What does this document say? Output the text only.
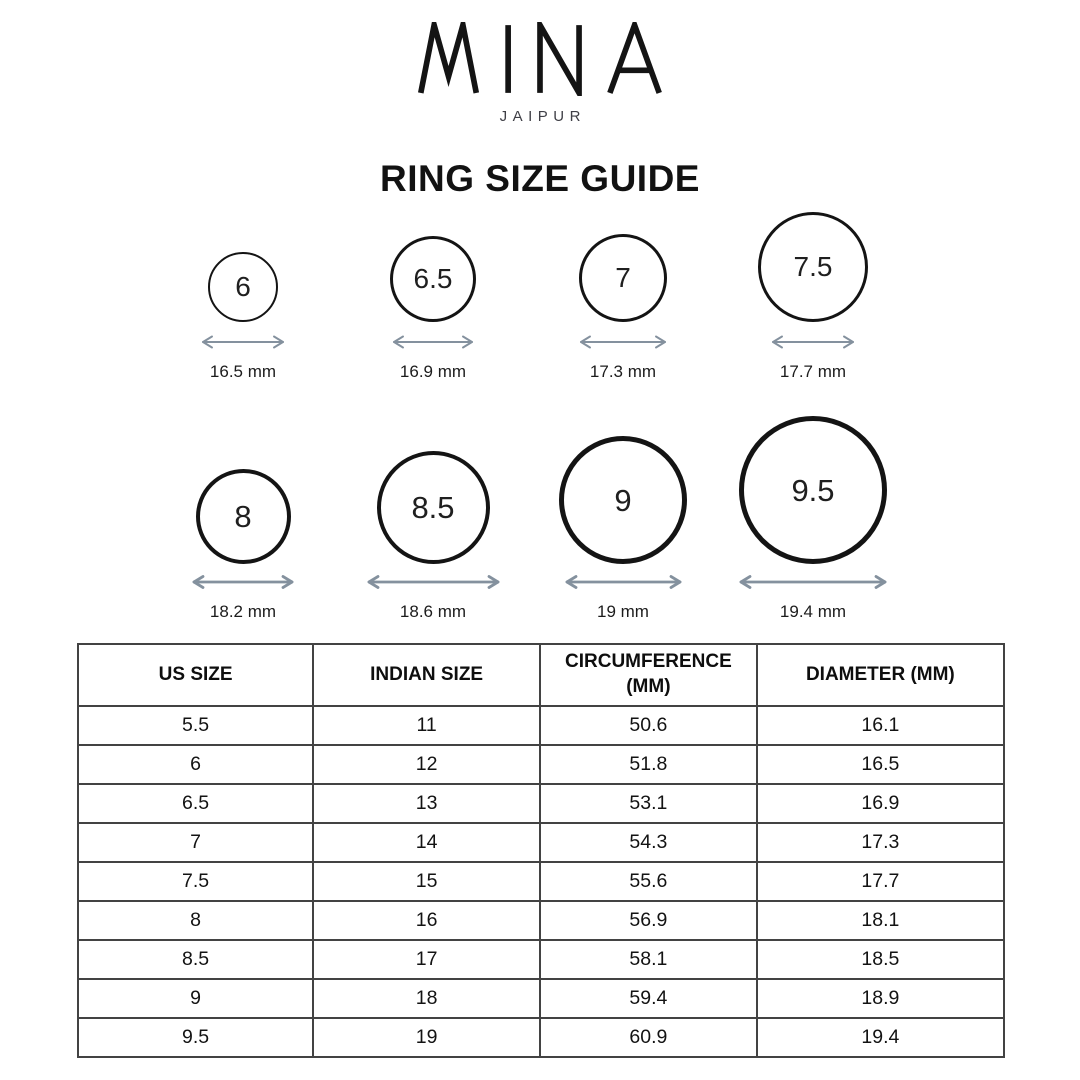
JAIPUR
RING SIZE GUIDE
6
16.5 mm
6.5
16.9 mm
7
17.3 mm
7.5
17.7 mm
8
18.2 mm
8.5
18.6 mm
9
19 mm
9.5
19.4 mm
US SIZE	INDIAN SIZE	CIRCUMFERENCE (MM)	DIAMETER (MM)
5.5	11	50.6	16.1
6	12	51.8	16.5
6.5	13	53.1	16.9
7	14	54.3	17.3
7.5	15	55.6	17.7
8	16	56.9	18.1
8.5	17	58.1	18.5
9	18	59.4	18.9
9.5	19	60.9	19.4
